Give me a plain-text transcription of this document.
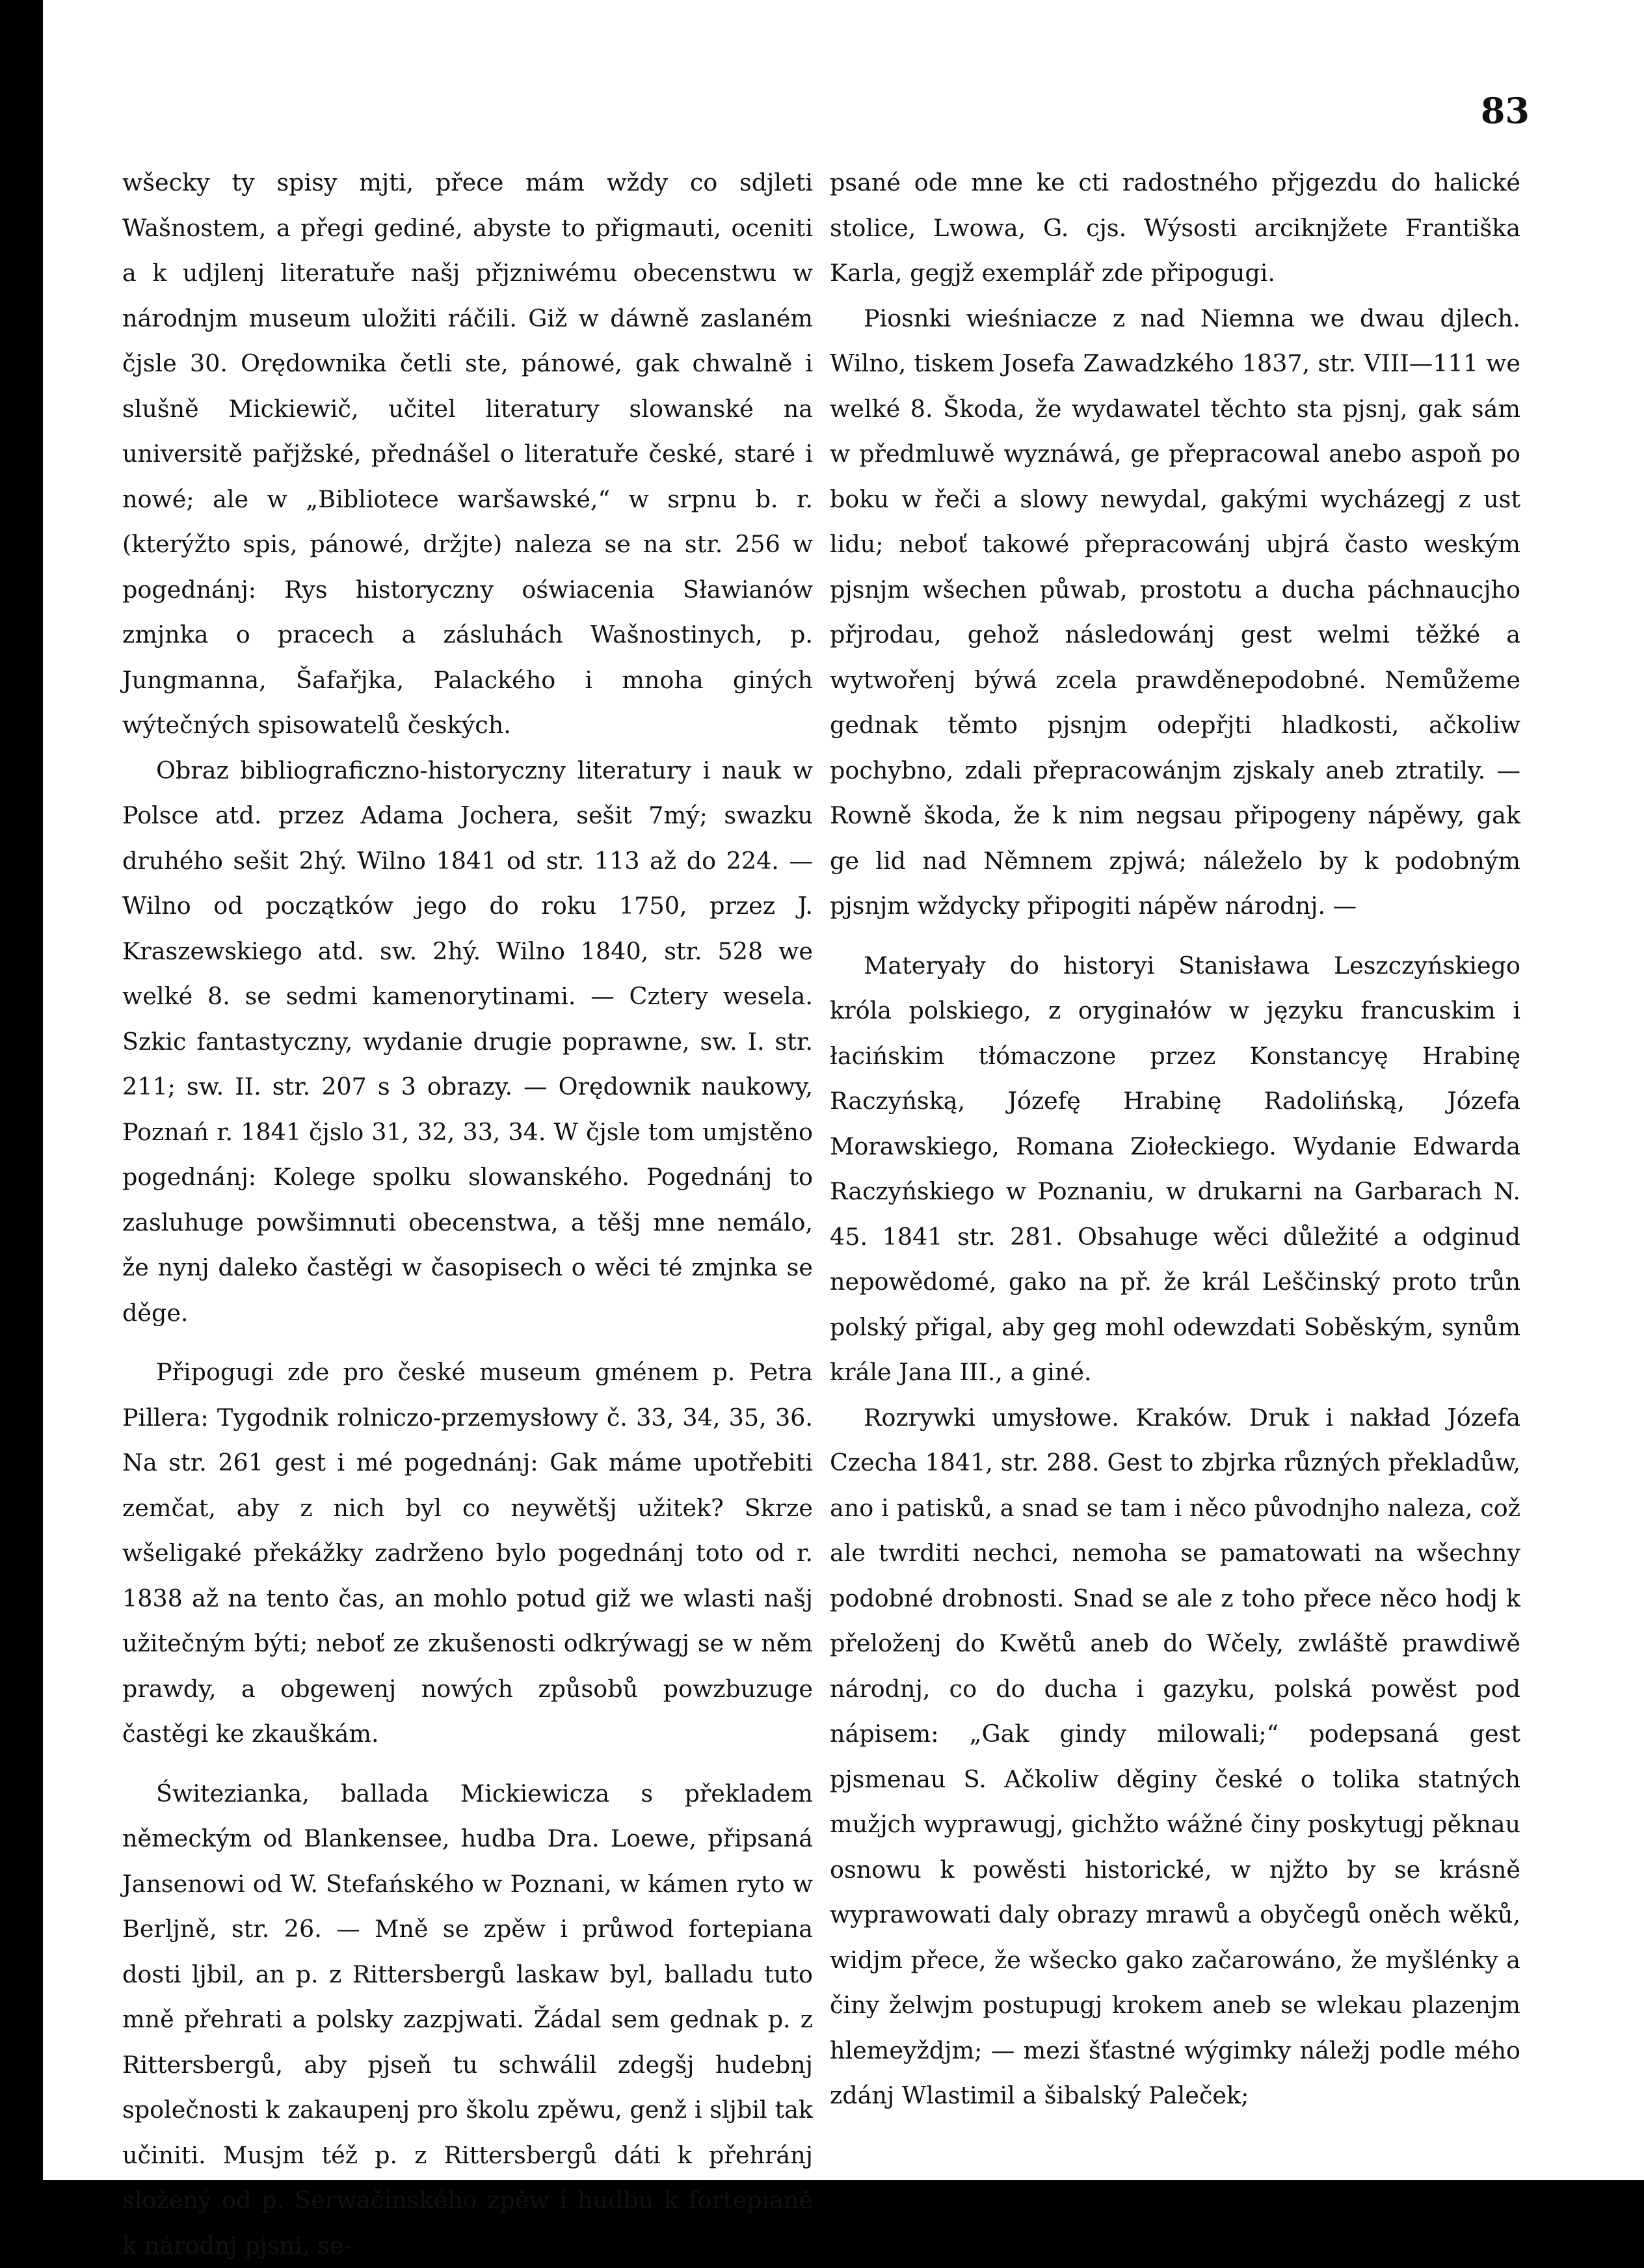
83

wšecky ty spisy mjti, přece mám wždy co sdjleti Wašnostem, a přegi gediné, abyste to přigmauti, oceniti a k udjlenj literatuře našj přjzniwému obecenstwu w národnjm museum uložiti ráčili. Giž w dáwně zaslaném čjsle 30. Orędownika četli ste, pánowé, gak chwalně i slušně Mickiewič, učitel literatury slowanské na universitě pařjžské, přednášel o literatuře české, staré i nowé; ale w „Bibliotece waršawské,“ w srpnu b. r. (kterýžto spis, pánowé, držjte) naleza se na str. 256 w pogednánj: Rys historyczny oświacenia Sławianów zmjnka o pracech a zásluhách Wašnostinych, p. Jungmanna, Šafařjka, Palackého i mnoha giných wýtečných spisowatelů českých.

Obraz bibliograficzno-historyczny literatury i nauk w Polsce atd. przez Adama Jochera, sešit 7mý; swazku druhého sešit 2hý. Wilno 1841 od str. 113 až do 224. — Wilno od początków jego do roku 1750, przez J. Kraszewskiego atd. sw. 2hý. Wilno 1840, str. 528 we welké 8. se sedmi kamenorytinami. — Cztery wesela. Szkic fantastyczny, wydanie drugie poprawne, sw. I. str. 211; sw. II. str. 207 s 3 obrazy. — Orędownik naukowy, Poznań r. 1841 čjslo 31, 32, 33, 34. W čjsle tom umjstěno pogednánj: Kolege spolku slowanského. Pogednánj to zasluhuge powšimnuti obecenstwa, a těšj mne nemálo, že nynj daleko častěgi w časopisech o wěci té zmjnka se děge.

Připogugi zde pro české museum gménem p. Petra Pillera: Tygodnik rolniczo-przemysłowy č. 33, 34, 35, 36. Na str. 261 gest i mé pogednánj: Gak máme upotřebiti zemčat, aby z nich byl co neywětšj užitek? Skrze wšeligaké překážky zadrženo bylo pogednánj toto od r. 1838 až na tento čas, an mohlo potud giž we wlasti našj užitečným býti; neboť ze zkušenosti odkrýwagj se w něm prawdy, a obgewenj nowých způsobů powzbuzuge častěgi ke zkauškám.

Świtezianka, ballada Mickiewicza s překladem německým od Blankensee, hudba Dra. Loewe, připsaná Jansenowi od W. Stefańského w Poznani, w kámen ryto w Berljně, str. 26. — Mně se zpěw i průwod fortepiana dosti ljbil, an p. z Rittersbergů laskaw byl, balladu tuto mně přehrati a polsky zazpjwati. Žádal sem gednak p. z Rittersbergů, aby pjseň tu schwálil zdegšj hudebnj společnosti k zakaupenj pro školu zpěwu, genž i sljbil tak učiniti. Musjm též p. z Rittersbergů dáti k přehránj složený od p. Serwačinského zpěw i hudbu k fortepianě k národnj pjsni, se-

psané ode mne ke cti radostného přjgezdu do halické stolice, Lwowa, G. cjs. Wýsosti arciknjžete Františka Karla, gegjž exemplář zde připogugi.

Piosnki wieśniacze z nad Niemna we dwau djlech. Wilno, tiskem Josefa Zawadzkého 1837, str. VIII—111 we welké 8. Škoda, že wydawatel těchto sta pjsnj, gak sám w předmluwě wyznáwá, ge přepracowal anebo aspoň po boku w řeči a slowy newydal, gakými wycházegj z ust lidu; neboť takowé přepracowánj ubjrá často weským pjsnjm wšechen půwab, prostotu a ducha páchnaucjho přjrodau, gehož následowánj gest welmi těžké a wytwořenj býwá zcela prawděnepodobné. Nemůžeme gednak těmto pjsnjm odepřjti hladkosti, ačkoliw pochybno, zdali přepracowánjm zjskaly aneb ztratily. — Rowně škoda, že k nim negsau připogeny nápěwy, gak ge lid nad Němnem zpjwá; náleželo by k podobným pjsnjm wždycky připogiti nápěw národnj. —

Materyały do historyi Stanisława Leszczyńskiego króla polskiego, z oryginałów w języku francuskim i łacińskim tłómaczone przez Konstancyę Hrabinę Raczyńską, Józefę Hrabinę Radolińską, Józefa Morawskiego, Romana Ziołeckiego. Wydanie Edwarda Raczyńskiego w Poznaniu, w drukarni na Garbarach N. 45. 1841 str. 281. Obsahuge wěci důležité a odginud nepowědomé, gako na př. že král Leščinský proto trůn polský přigal, aby geg mohl odewzdati Soběským, synům krále Jana III., a giné.

Rozrywki umysłowe. Kraków. Druk i nakład Józefa Czecha 1841, str. 288. Gest to zbjrka různých překladůw, ano i patisků, a snad se tam i něco původnjho naleza, což ale twrditi nechci, nemoha se pamatowati na wšechny podobné drobnosti. Snad se ale z toho přece něco hodj k přeloženj do Kwětů aneb do Wčely, zwláště prawdiwě národnj, co do ducha i gazyku, polská powěst pod nápisem: „Gak gindy milowali;“ podepsaná gest pjsmenau S. Ačkoliw děginy české o tolika statných mužjch wyprawugj, gichžto wážné činy poskytugj pěknau osnowu k powěsti historické, w njžto by se krásně wyprawowati daly obrazy mrawů a obyčegů oněch wěků, widjm přece, že wšecko gako začarowáno, že myšlénky a činy želwjm postupugj krokem aneb se wlekau plazenjm hlemeyždjm; — mezi šťastné wýgimky náležj podle mého zdánj Wlastimil a šibalský Paleček;
